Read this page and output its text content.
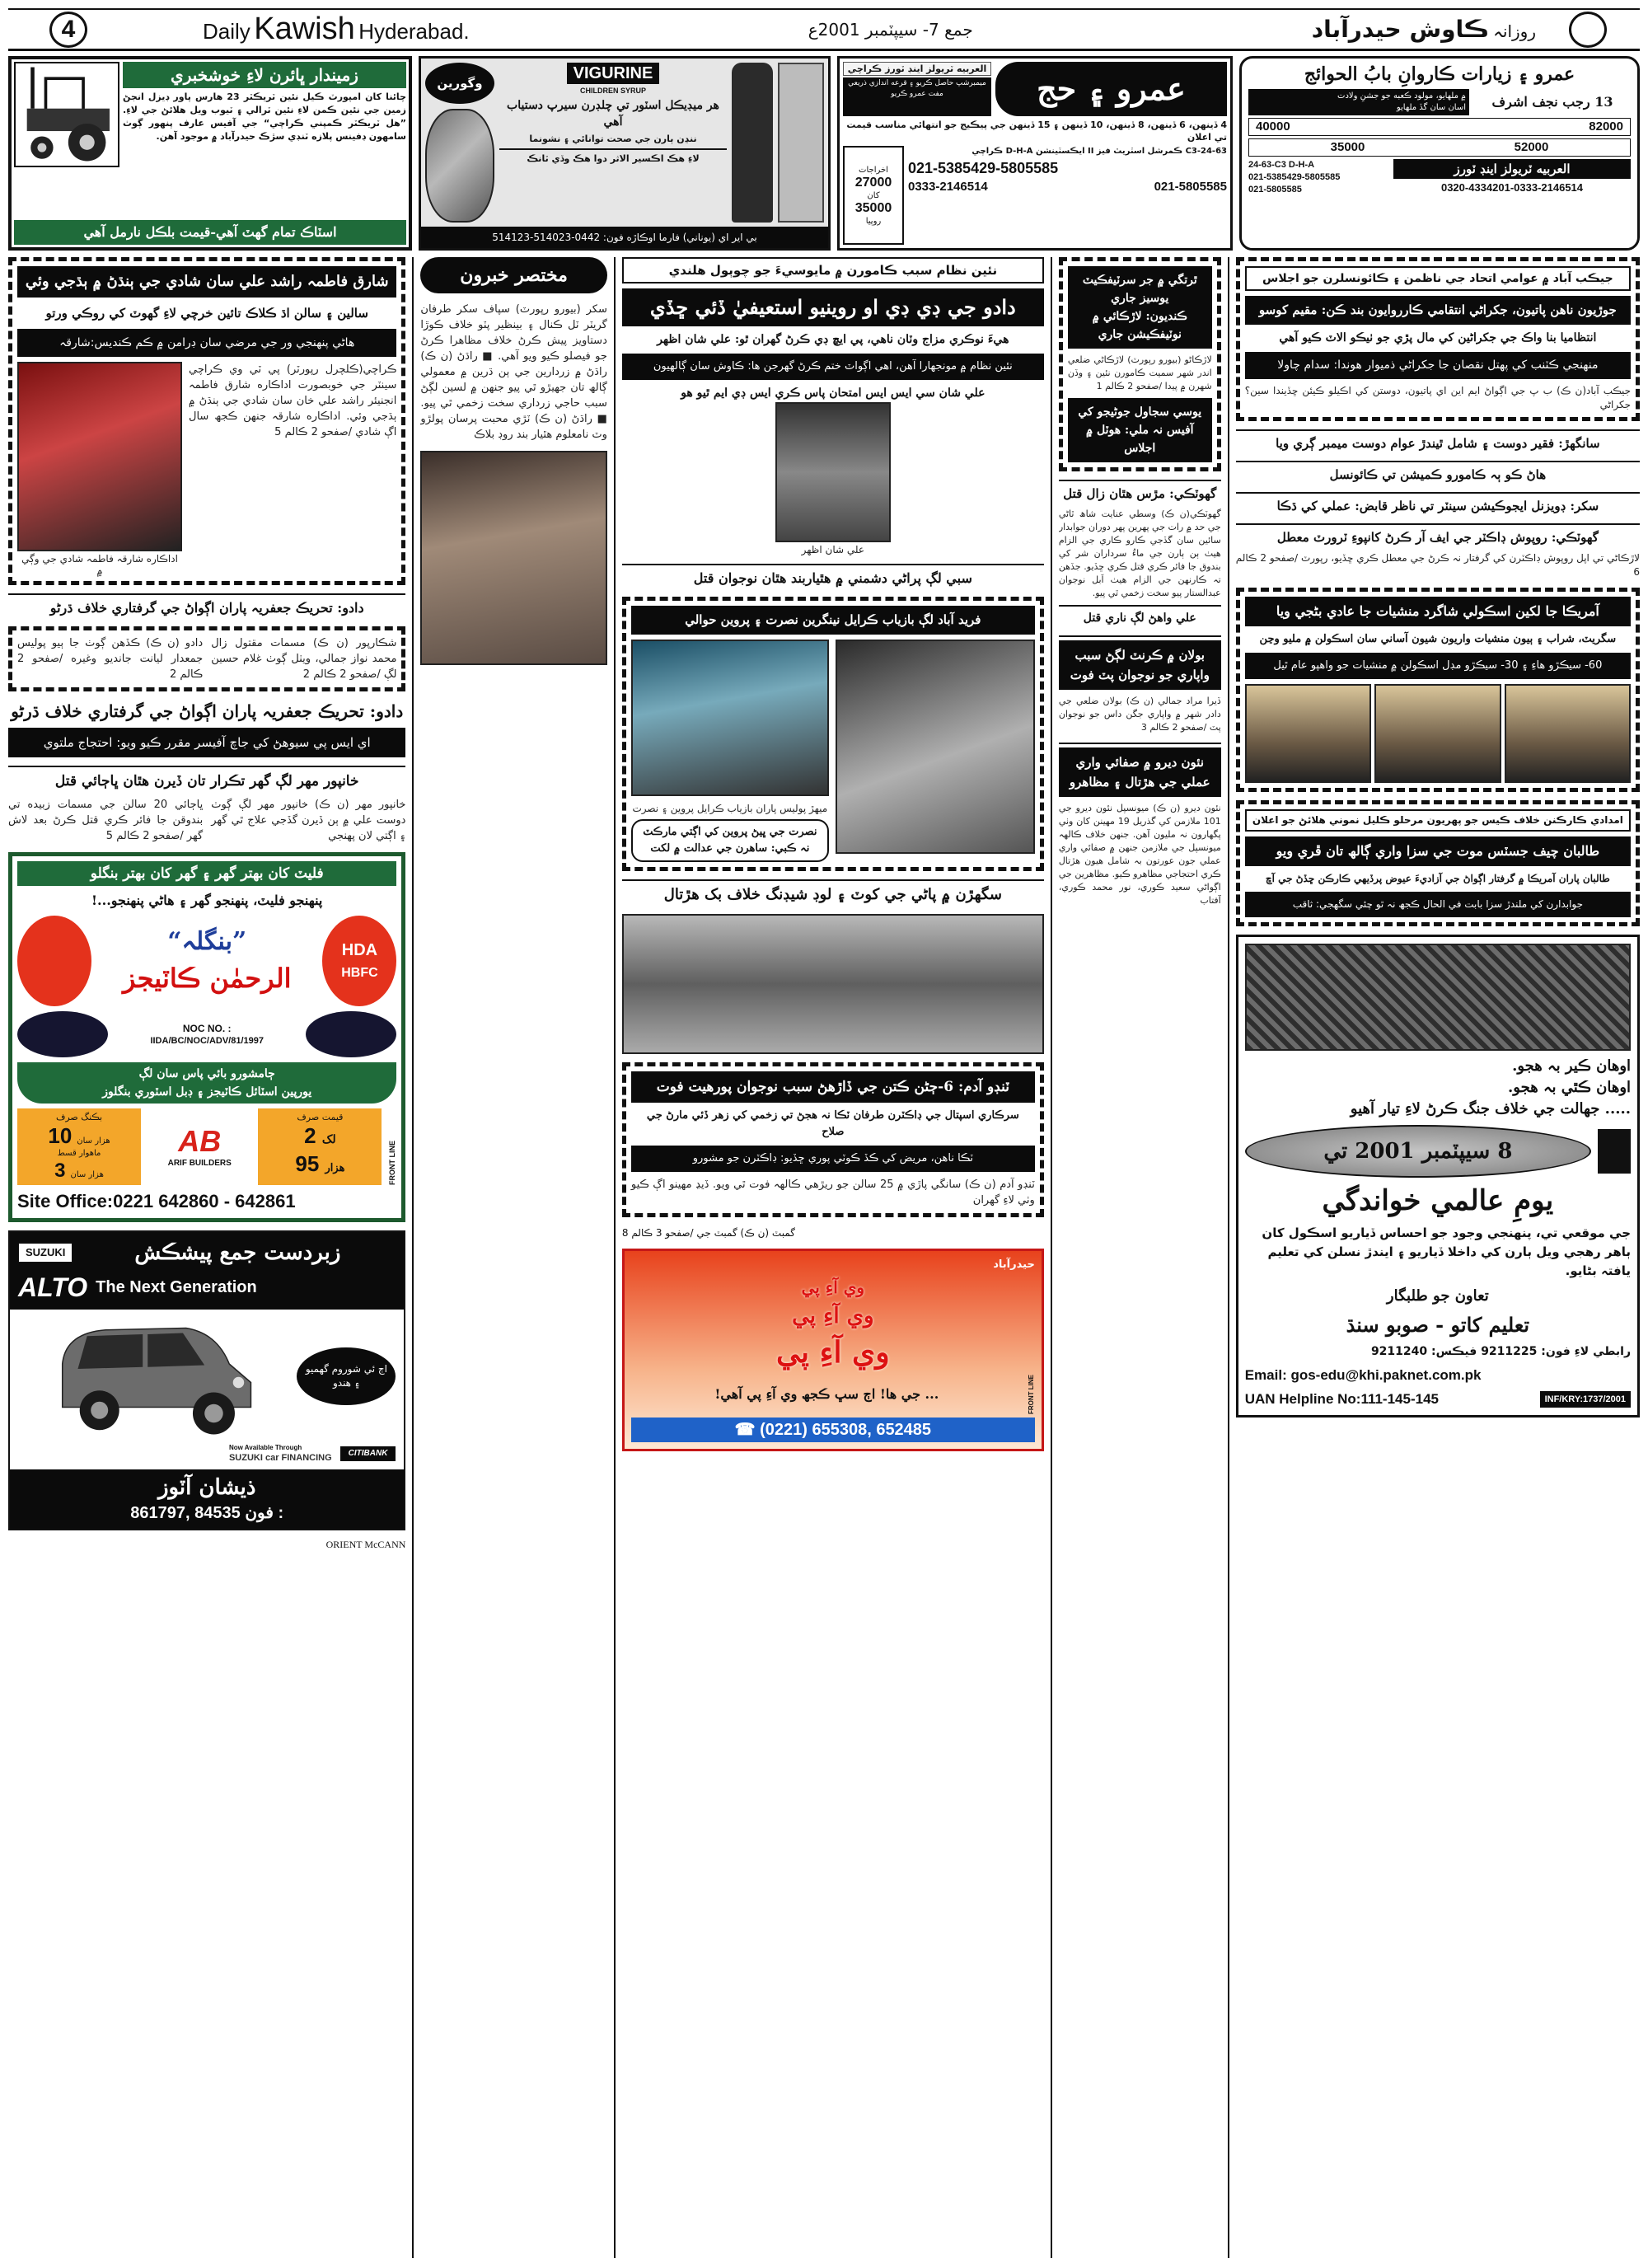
4	Daily Kawish Hyderabad.	جمع 7- سيپٽمبر 2001ع	روزانہ ڪاوش حيدرآباد
زميندار ڀائرن لاءِ خوشخبري
چائنا کان امپورٽ ڪيل نئين ٽريڪٽر 23 هارس پاور ڊيزل انجڻ زمين جي نئين ڪمن لاءِ نئين ٽرالي ۽ ٽيوب ويل هلائڻ جي لاءِ. ”هل ٽريڪٽر ڪمپني ڪراچي“ جي آفيس عارف پنهور ڳوٺ سامهون ڊفينس پلازه ٽنڊي سڙڪ حيدرآباد ۾ موجود آهن.
اسٽاڪ تمام گهٽ آهي-قيمت بلڪل نارمل آهي
وگورين
VIGURINE
CHILDREN SYRUP
هر ميڊيڪل اسٽور تي چلڊرن سيرپ دستياب آهي
ننڍن ٻارن جي صحت توانائي ۽ نشونما
لاءِ هڪ اڪسير الاثر دوا هڪ وڏي ٽانڪ
بي اير اي (يوناني) فارما اوڪاڙه فون: 0442-514023-514123
العربيه ٽريولز اينڊ ٽورز ڪراچي
ميمبرشپ حاصل ڪريو ۽ قرعه اندازي ذريعي مفت عمرو ڪريو	عمرو ۽ حج
4 ڏينهن، 6 ڏينهن، 8 ڏينهن، 10 ڏينهن ۽ 15 ڏينهن جي پيڪيج جو انتهائي مناسب قيمت تي اعلان
اخراجات
27000
کان
35000
روپيا
24-63-C3 ڪمرشل اسٽريٽ فيز II ايڪسٽينشن D-H-A ڪراچي
021-5385429-5805585
0333-2146514	021-5805585
عمرو ۽ زيارات ڪاروانِ بابُ الحوائج
۾ ملهايو، مولود ڪعبه جو جشنِ ولادت
اسان سان گڏ ملهايو	13 رجب نجف اشرف
40000	82000
35000	52000
24-63-C3 D-H-A
021-5385429-5805585
021-5805585
العربيه ٽريولز اينڊ ٽورز
0320-4334201-0333-2146514
شارق فاطمہ راشد علي سان شادي جي ٻنڌڻ ۾ ٻڌجي وئي
سالين ۽ سالن اڌ ڪلاڪ تائين خرچي لاءِ گهوٽ کي روڪي ورتو
هاڻي پنهنجي ور جي مرضي سان ڊرامن ۾ ڪم ڪنديس:شارقہ
اداڪاره شارقہ فاطمہ شادي جي وڳي ۾
ڪراچي(ڪلچرل رپورٽر) پي ٽي وي ڪراچي سينٽر جي خوبصورت اداڪاره شارق فاطمہ انجنيئر راشد علي خان سان شادي جي ٻنڌڻ ۾ ٻڌجي وئي. اداڪاره شارقہ جنهن ڪجھ سال اڳ شادي /صفحو 2 ڪالم 5
دادو: تحريڪ جعفريہ پاران اڳواڻ جي گرفتاري خلاف ڌرڻو
دادو (ن ڪ) ڪڏهن ڳوٺ جا ٻيو پوليس جمعدار ليانت جانديو وغيره /صفحو 2 ڪالم 2
شڪارپور (ن ڪ) مسمات مقتول زال محمد نواز جمالي، ويٺل ڳوٺ غلام حسين لڳ /صفحو 2 ڪالم 2
دادو: تحريڪ جعفريہ پاران اڳواڻ جي گرفتاري خلاف ڌرڻو
اي ايس پي سيوهڻ کي جاچ آفيسر مقرر ڪيو ويو: احتجاج ملتوي
خانپور مهر لڳ گهر تڪرار تان ڏيرن هٿان ڀاڄائي قتل
ڀاڄائي 20 سالن جي مسمات زبيده تي بندوقن جا فائر ڪري قتل ڪرڻ بعد لاش گهر /صفحو 2 ڪالم 5
خانپور مهر (ن ڪ) خانپور مهر لڳ ڳوٺ دوست علي ۾ ٻن ڏيرن گڏجي علاج ٿي گهر ۽ اڳتي لان پهنجي
فليٽ کان بهتر گهر ۽ گهر کان بهتر بنگلو
پنهنجو فليٽ، پنهنجو گهر ۽ هاڻي پنهنجو...!
”بنگلہ“
الرحمٰن ڪاٽيجز
HDA
HBFC
NOC NO. :
IIDA/BC/NOC/ADV/81/1997
ڄامشورو بائي پاس سان لڳ
يورپين اسٽائل ڪاٽيجز ۽ ڊبل اسٽوري بنگلوز
بڪنگ صرف
10 هزار سان
ماهوار قسط
3 هزار سان
AB
ARIF BUILDERS
قيمت صرف
2 لک
95 هزار	FRONT LINE
Site Office:0221 642860 - 642861
SUZUKI	زبردست جمع پيشڪش
ALTO The Next Generation
اڄ ئي شوروم گهميو ۽ هندو
Now Available Through
SUZUKI car FINANCING	CITIBANK
ذيشان آٽوز
861797, 84535 فون :
ORIENT McCANN
مختصر خبرون
سکر (بيورو رپورٽ) سپاف سکر طرفان گريٽر ٽل ڪنال ۽ بينظير پٽو خلاف ڪوڙا دستاويز پيش ڪرڻ خلاف مظاهرا ڪرڻ جو فيصلو ڪيو ويو آهي. ■ راڌڻ (ن ڪ) راڌڻ ۾ زردارين جي ٻن ڌرين ۾ معمولي ڳالھ تان جهيڙو ٿي پيو جنهن ۾ لسين لڳڻ سبب حاجي زرداري سخت زخمي ٿي پيو. ■ راڌڻ (ن ڪ) ٽڙي محبت پرسان پولڙو وٽ نامعلوم هٿيار بند روڊ بلاڪ
نئين نظام سبب ڪامورن ۾ مايوسيءَ جو چوٻول هلندي
دادو جي ڊي ڊي او روينيو استعيفيٰ ڏئي ڇڏي
هيءَ نوڪري مزاج وٽان ناهي، پي ايڇ ڊي ڪرڻ گهران ٿو: علي شان اظهر
نئين نظام ۾ مونجهارا آهن، اهي اڳواٽ ختم ڪرڻ گهرجن ها: ڪاوش سان ڳالهيون
علي شان سي ايس ايس امتحان پاس ڪري ايس ڊي ايم ٿيو هو
علي شان اظهر
سبي لڳ پراڻي دشمني ۾ هٿياربند هٿان نوجوان قتل
فريد آباد لڳ بازياب ڪرايل نينگرين نصرت ۽ پروين حوالي
ميهڙ پوليس پاران بازياب ڪرايل پروين ۽ نصرت
نصرت جي ڀيڻ پروين کي اڳتي مارڪٽ نہ ڪبي: ساهرن جي عدالت ۾ لکت
سگهڙن ۾ پاڻي جي کوٽ ۽ لوڊ شيڊنگ خلاف بک هڙتال
ٽنڊو آدم: 6-ڄڻن ڪتن جي ڏاڙهڻ سبب نوجوان پورهيت فوت
سرڪاري اسپتال جي ڊاڪٽرن طرفان ٽڪا نہ هجڻ تي زخمي کي زهر ڏئي مارڻ جي صلاح
ٽڪا ناهن، مريض کي ڪڏ ڪوٽي پوري ڇڏيو: ڊاڪٽرن جو مشورو
ٽنڊو آدم (ن ڪ) سانگي پاڙي ۾ 25 سالن جو ريڙهي ڪالهہ فوت ٿي ويو. ڏيڍ مهينو اڳ ڪيو وٺي لاءِ گهران
گمبٽ (ن ڪ) گمبٽ جي /صفحو 3 ڪالم 8
حيدرآباد
وي آءِ پي
وي آءِ پي
وي آءِ پي
... جي ها! اڄ سڀ ڪجھ وي آءِ پي آهي!	FRONT LINE
☎ (0221) 655308, 652485
ٿرتگي ۾ جر سرٽيفڪيٽ يوسيز جاري
ڪنديون: لاڙڪائي ۾ نوٽيفڪيشن جاري
لاڙڪاڻو (بيورو رپورٽ) لاڙڪاڻي ضلعي اندر شهر سميت ڪامورن نئين ۽ وڏن شهرن ۾ پيدا /صفحو 2 ڪالم 1
يوسي سجاول جوڻيجو کي آفيس نہ ملي: هوٽل ۾ اجلاس
گهوٽڪي: مڙس هٿان زال قتل
گهوٽڪي(ن ڪ) وسطي عنايت شاھ ٿاڻي جي حد ۾ رات جي پهرين پهر دوران جوابدار سائين سان گڏجي ڪارو ڪاري جي الزام هيٺ ٻن ٻارن جي ماءُ سرداران شر کي بندوق جا فائر ڪري قتل ڪري ڇڏيو. جڏهن تہ ڪارنهن جي الزام هيٺ اَبل نوجوان عبدالستار پيو سخت زخمي ٿي پيو.
علي واهڻ لڳ ناري قتل
بولان ۾ ڪرنٽ لڳڻ سبب واپاري جو نوجوان پٽ فوت
ڏيرا مراد جمالي (ن ڪ) بولان ضلعي جي دادر شهر ۾ واپاري جگن داس جو نوجوان پٽ /صفحو 2 ڪالم 3
نئون ديرو ۾ صفائي واري عملي جي هڙتال ۽ مظاهرو
نئون ديرو (ن ڪ) ميونسپل نئون ديرو جي 101 ملازمن کي گذريل 19 مهينن کان وٺي پگهارون نہ مليون آهن. جنهن خلاف ڪالهہ ميونسپل جي ملازمن جنهن ۾ صفائي واري عملي جون عورتون بہ شامل هيون هڙتال ڪري احتجاجي مظاهرو ڪيو. مظاهرين جي اڳواڻي سعيد ڪوري، نور محمد ڪوري، آفتاب
جيڪب آباد ۾ عوامي اتحاد جي ناظمن ۽ ڪائونسلرن جو اجلاس
جوڙيون ناهن پاتيون، جکراڻي انتقامي ڪارروايون بند ڪن: مقيم کوسو
انتظاميا بنا واڪ جي جکراڻين کي مال پڙي جو ٺيڪو الاٽ ڪيو آهي
منهنجي ڪٽنب کي پهتل نقصان جا جکراڻي ذميوار هوندا: سدام چاولا
جيڪب آباد(ن ڪ) ب پ جي اڳواڻ ايم اين اي پاتيون، دوستن کي اڪيلو ڪيئن ڇڏيندا سين؟ جکراڻي
سانگهڙ: فقير دوست ۽ شامل ٿيندڙ عوام دوست ميمبر ڳري ويا
هاڻ ڪو ٻہ ڪامورو ڪميشن تي ڪائونسل
سکر: ڊويزنل ايجوڪيشن سينٽر تي ناظر قابض: عملي کي ڌڪا
گهوٽڪي: روپوش ڊاڪٽر جي ايف آر ڪرڻ کانپوءِ ٽرورٽ معطل
لاڙڪاڻي تي اپل روپوش ڊاڪٽرن کي گرفتار نہ ڪرڻ جي معطل ڪري ڇڏيو، رپورٽ /صفحو 2 ڪالم 6
آمريڪا جا لکين اسڪولي شاگرد منشيات جا عادي بڻجي ويا
سگريٽ، شراب ۽ ٻيون منشيات واريون شيون آساني سان اسڪولن ۾ مليو وڃن
60- سيڪڙو هاءِ ۽ 30- سيڪڙو مڊل اسڪولن ۾ منشيات جو واهپو عام ٿيل
امدادي ڪارڪنن خلاف ڪيس جو پهريون مرحلو ڪليل نموني هلائڻ جو اعلان
طالبان چيف جسٽس موت جي سزا واري ڳالھ تان ڦري ويو
طالبان پاران آمريڪا ۾ گرفتار اڳواڻ جي آزاديءَ عيوض پرڏيهي ڪارڪن ڇڏڻ جي آڇ
جوابدارن کي ملندڙ سزا بابت في الحال ڪجھ نہ ٿو چئي سگهجي: ثاقب
اوهان ڪير بہ هجو.
اوهان ڪٿي بہ هجو.
..... جهالت جي خلاف جنگ ڪرڻ لاءِ تيار آهيو
8 سيپٽمبر 2001 تي
يومِ عالمي خواندگي
جي موقعي تي، پنهنجي وجود جو احساس ڏياريو اسڪول کان ٻاهر رهجي ويل ٻارن کي داخلا ڏياريو ۽ ايندڙ نسلن کي تعليم يافتہ بڻايو.
تعاون جو طلبگار
تعليم کاتو - صوبو سنڌ
رابطي لاءِ فون: 9211225 فيڪس: 9211240
Email: gos-edu@khi.paknet.com.pk
UAN Helpline No:111-145-145	INF/KRY:1737/2001
